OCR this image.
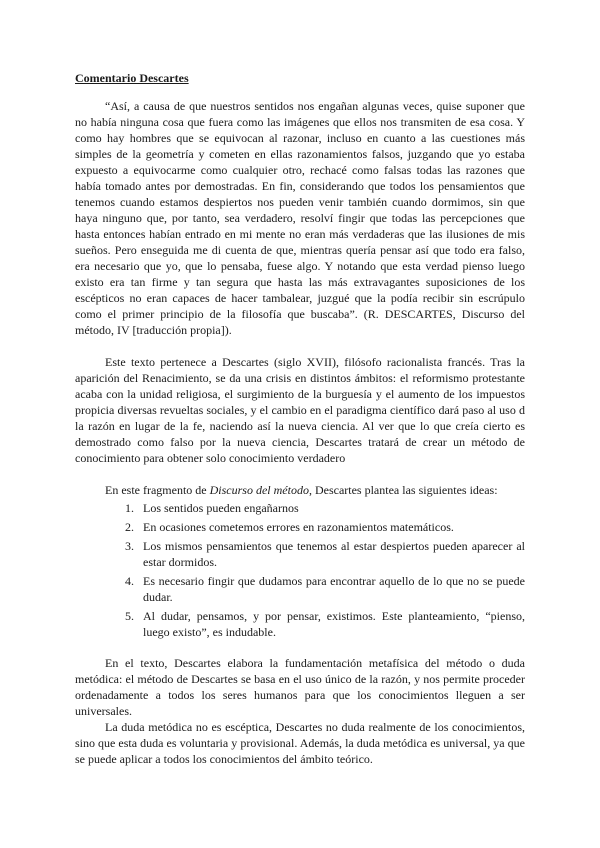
Comentario Descartes

“Así, a causa de que nuestros sentidos nos engañan algunas veces, quise suponer que no había ninguna cosa que fuera como las imágenes que ellos nos transmiten de esa cosa. Y como hay hombres que se equivocan al razonar, incluso en cuanto a las cuestiones más simples de la geometría y cometen en ellas razonamientos falsos, juzgando que yo estaba expuesto a equivocarme como cualquier otro, rechacé como falsas todas las razones que había tomado antes por demostradas. En fin, considerando que todos los pensamientos que tenemos cuando estamos despiertos nos pueden venir también cuando dormimos, sin que haya ninguno que, por tanto, sea verdadero, resolví fingir que todas las percepciones que hasta entonces habían entrado en mi mente no eran más verdaderas que las ilusiones de mis sueños. Pero enseguida me di cuenta de que, mientras quería pensar así que todo era falso, era necesario que yo, que lo pensaba, fuese algo. Y notando que esta verdad pienso luego existo era tan firme y tan segura que hasta las más extravagantes suposiciones de los escépticos no eran capaces de hacer tambalear, juzgué que la podía recibir sin escrúpulo como el primer principio de la filosofía que buscaba”. (R. DESCARTES, Discurso del método, IV [traducción propia]).

Este texto pertenece a Descartes (siglo XVII), filósofo racionalista francés. Tras la aparición del Renacimiento, se da una crisis en distintos ámbitos: el reformismo protestante acaba con la unidad religiosa, el surgimiento de la burguesía y el aumento de los impuestos propicia diversas revueltas sociales, y el cambio en el paradigma científico dará paso al uso d la razón en lugar de la fe, naciendo así la nueva ciencia. Al ver que lo que creía cierto es demostrado como falso por la nueva ciencia, Descartes tratará de crear un método de conocimiento para obtener solo conocimiento verdadero

En este fragmento de Discurso del método, Descartes plantea las siguientes ideas:

1. Los sentidos pueden engañarnos
2. En ocasiones cometemos errores en razonamientos matemáticos.
3. Los mismos pensamientos que tenemos al estar despiertos pueden aparecer al estar dormidos.
4. Es necesario fingir que dudamos para encontrar aquello de lo que no se puede dudar.
5. Al dudar, pensamos, y por pensar, existimos. Este planteamiento, “pienso, luego existo”, es indudable.

En el texto, Descartes elabora la fundamentación metafísica del método o duda metódica: el método de Descartes se basa en el uso único de la razón, y nos permite proceder ordenadamente a todos los seres humanos para que los conocimientos lleguen a ser universales.

La duda metódica no es escéptica, Descartes no duda realmente de los conocimientos, sino que esta duda es voluntaria y provisional. Además, la duda metódica es universal, ya que se puede aplicar a todos los conocimientos del ámbito teórico.
